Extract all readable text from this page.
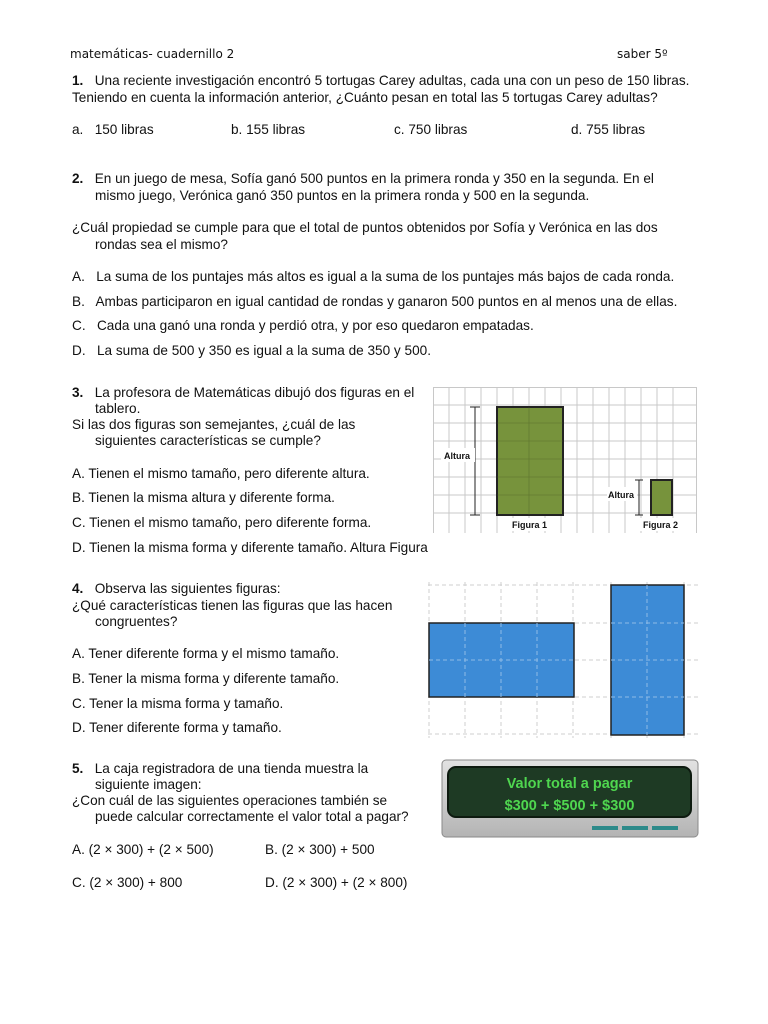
matemáticas- cuadernillo 2	saber 5º
1. Una reciente investigación encontró 5 tortugas Carey adultas, cada una con un peso de 150 libras.
Teniendo en cuenta la información anterior, ¿Cuánto pesan en total las 5 tortugas Carey adultas?
a. 150 libras	b. 155 libras	c. 750 libras	d. 755 libras
2. En un juego de mesa, Sofía ganó 500 puntos en la primera ronda y 350 en la segunda. En el
mismo juego, Verónica ganó 350 puntos en la primera ronda y 500 en la segunda.
¿Cuál propiedad se cumple para que el total de puntos obtenidos por Sofía y Verónica en las dos
rondas sea el mismo?
A. La suma de los puntajes más altos es igual a la suma de los puntajes más bajos de cada ronda.
B. Ambas participaron en igual cantidad de rondas y ganaron 500 puntos en al menos una de ellas.
C. Cada una ganó una ronda y perdió otra, y por eso quedaron empatadas.
D. La suma de 500 y 350 es igual a la suma de 350 y 500.
3. La profesora de Matemáticas dibujó dos figuras en el
tablero.
Si las dos figuras son semejantes, ¿cuál de las
siguientes características se cumple?
A. Tienen el mismo tamaño, pero diferente altura.
B. Tienen la misma altura y diferente forma.
C. Tienen el mismo tamaño, pero diferente forma.
D. Tienen la misma forma y diferente tamaño. Altura Figura
Altura
Altura
Figura 1	Figura 2
4. Observa las siguientes figuras:
¿Qué características tienen las figuras que las hacen
congruentes?
A. Tener diferente forma y el mismo tamaño.
B. Tener la misma forma y diferente tamaño.
C. Tener la misma forma y tamaño.
D. Tener diferente forma y tamaño.
5. La caja registradora de una tienda muestra la
siguiente imagen:
¿Con cuál de las siguientes operaciones también se
puede calcular correctamente el valor total a pagar?
A. (2 × 300) + (2 × 500)	B. (2 × 300) + 500
C. (2 × 300) + 800	D. (2 × 300) + (2 × 800)
Valor total a pagar
$300 + $500 + $300
